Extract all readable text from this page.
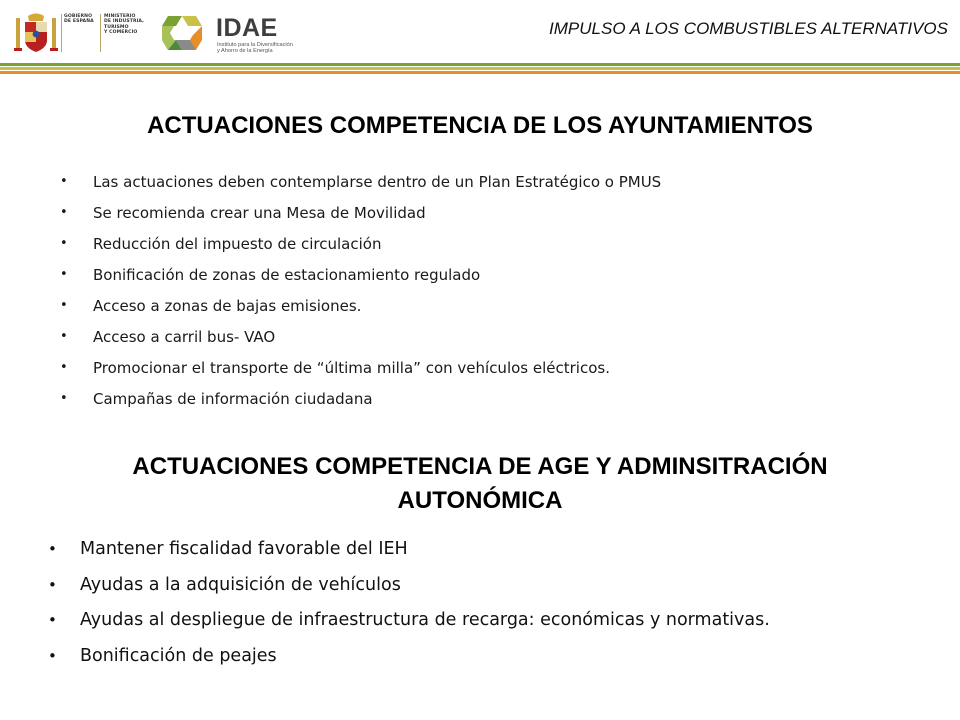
GOBIERNO
DE ESPAÑA
MINISTERIO
DE INDUSTRIA, TURISMO
Y COMERCIO	IDAE
Instituto para la Diversificación
y Ahorro de la Energía
IMPULSO A LOS COMBUSTIBLES ALTERNATIVOS
ACTUACIONES COMPETENCIA DE LOS AYUNTAMIENTOS
• Las actuaciones deben contemplarse dentro de un Plan Estratégico o PMUS
• Se recomienda crear una Mesa de Movilidad
• Reducción del impuesto de circulación
• Bonificación de zonas de estacionamiento regulado
• Acceso a zonas de bajas emisiones.
• Acceso a carril bus- VAO
• Promocionar el transporte de “última milla” con vehículos eléctricos.
• Campañas de información ciudadana
ACTUACIONES COMPETENCIA DE AGE Y ADMINSITRACIÓN
AUTONÓMICA
• Mantener fiscalidad favorable del IEH
• Ayudas a la adquisición de vehículos
• Ayudas al despliegue de infraestructura de recarga: económicas y normativas.
• Bonificación de peajes
